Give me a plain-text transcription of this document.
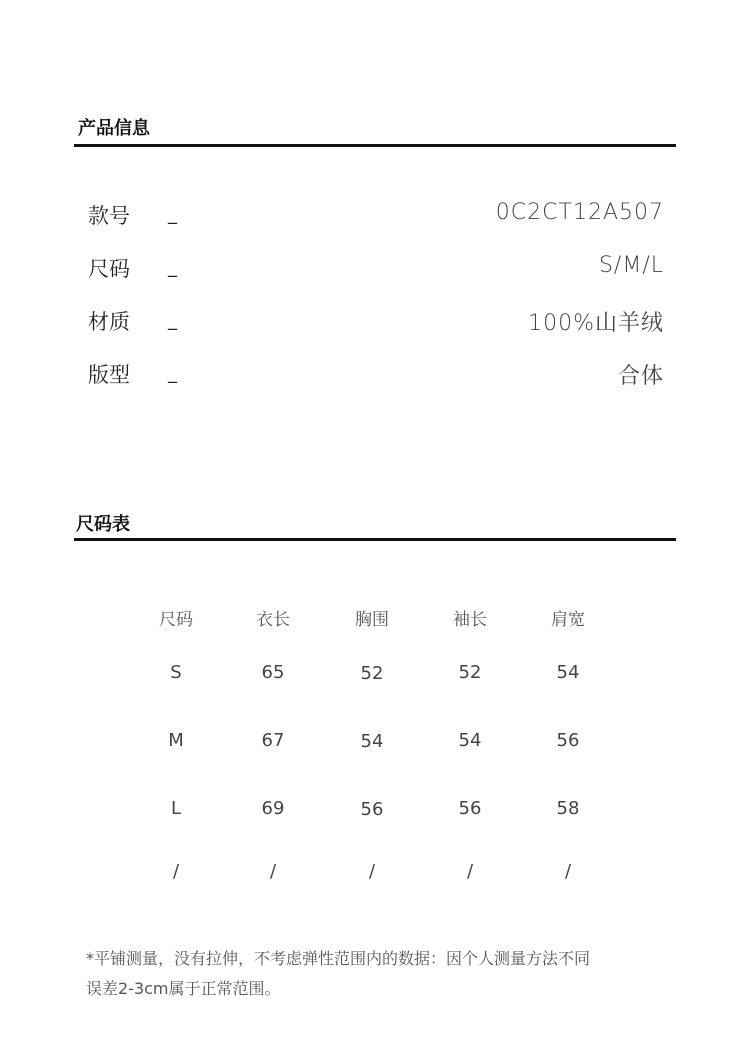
产品信息
款号 _	0C2CT12A507
尺码 _	S/M/L
材质 _	100%山羊绒
版型 _	合体
尺码表
尺码	衣长	胸围	袖长	肩宽
S	65	52	52	54
M	67	54	54	56
L	69	56	56	58
/	/	/	/	/
*平铺测量，没有拉伸，不考虑弹性范围内的数据：因个人测量方法不同
误差2-3cm属于正常范围。
